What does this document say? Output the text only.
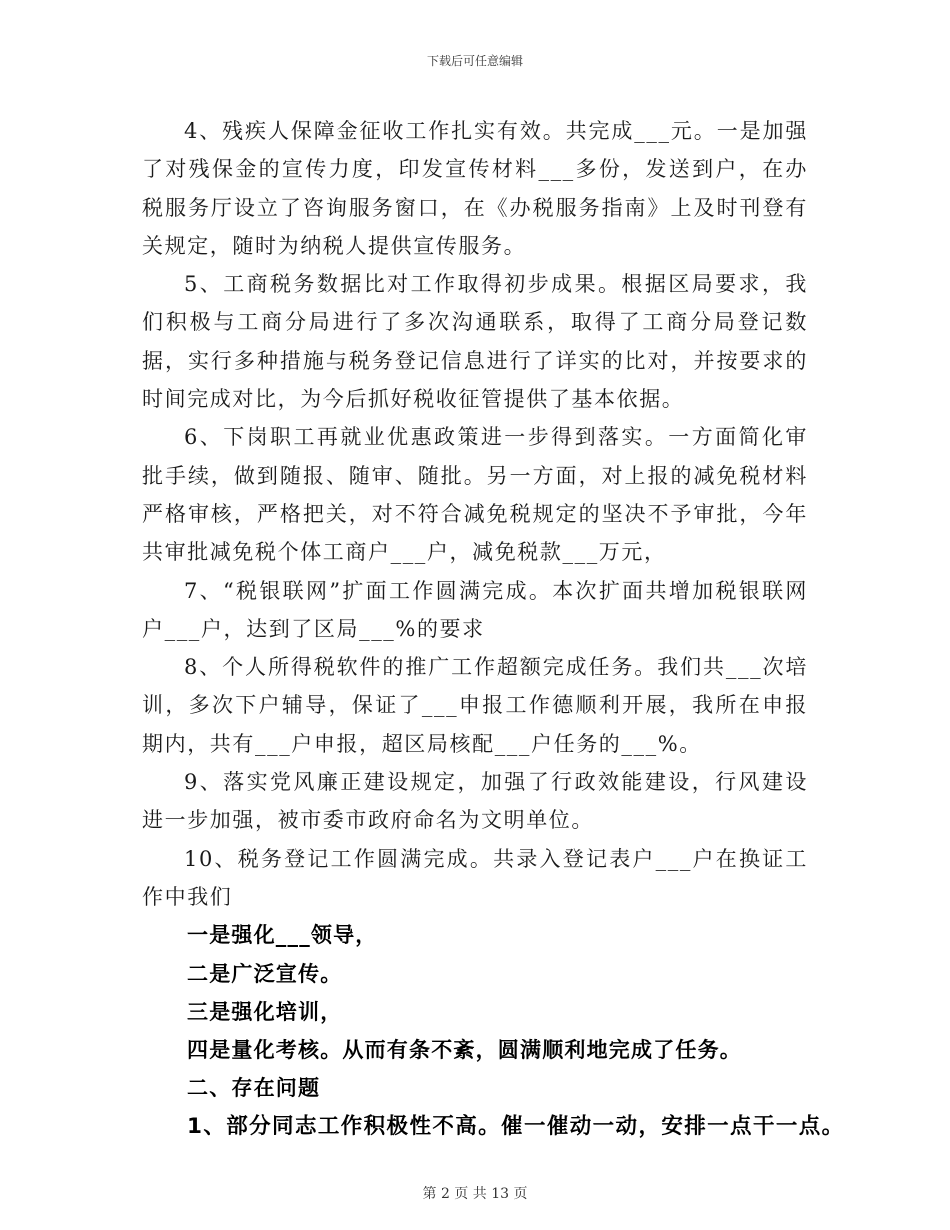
下载后可任意编辑

4、残疾人保障金征收工作扎实有效。共完成___元。一是加强了对残保金的宣传力度，印发宣传材料___多份，发送到户，在办税服务厅设立了咨询服务窗口，在《办税服务指南》上及时刊登有关规定，随时为纳税人提供宣传服务。

5、工商税务数据比对工作取得初步成果。根据区局要求，我们积极与工商分局进行了多次沟通联系，取得了工商分局登记数据，实行多种措施与税务登记信息进行了详实的比对，并按要求的时间完成对比，为今后抓好税收征管提供了基本依据。

6、下岗职工再就业优惠政策进一步得到落实。一方面简化审批手续，做到随报、随审、随批。另一方面，对上报的减免税材料严格审核，严格把关，对不符合减免税规定的坚决不予审批，今年共审批减免税个体工商户___户，减免税款___万元，

7、“税银联网”扩面工作圆满完成。本次扩面共增加税银联网户___户，达到了区局___%的要求

8、个人所得税软件的推广工作超额完成任务。我们共___次培训，多次下户辅导，保证了___申报工作德顺利开展，我所在申报期内，共有___户申报，超区局核配___户任务的___%。

9、落实党风廉正建设规定，加强了行政效能建设，行风建设进一步加强，被市委市政府命名为文明单位。

10、税务登记工作圆满完成。共录入登记表户___户在换证工作中我们

一是强化___领导，
二是广泛宣传。
三是强化培训，
四是量化考核。从而有条不紊，圆满顺利地完成了任务。
二、存在问题
1、部分同志工作积极性不高。催一催动一动，安排一点干一点。
第 2 页 共 13 页
